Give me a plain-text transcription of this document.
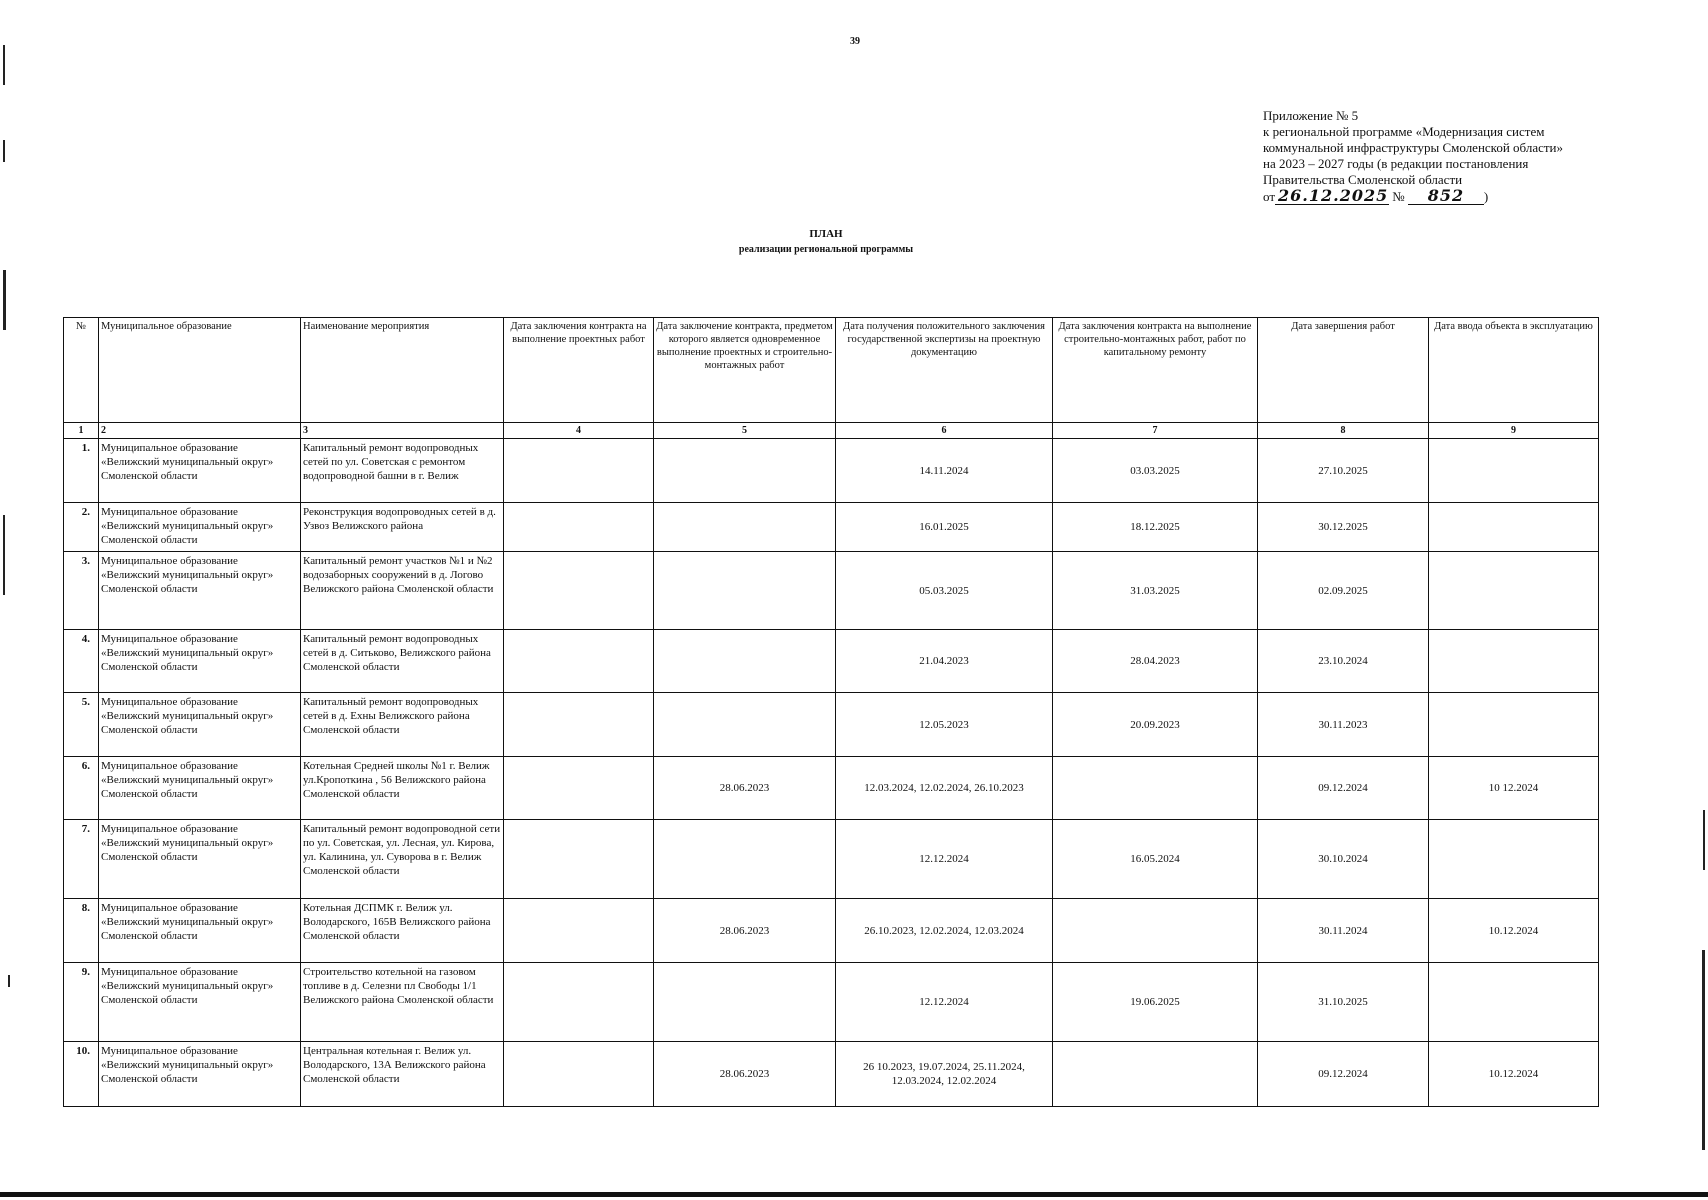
39
Приложение № 5
к региональной программе «Модернизация систем
коммунальной инфраструктуры Смоленской области»
на 2023 – 2027 годы (в редакции постановления
Правительства Смоленской области
от 26.12.2025 № 852 )
ПЛАН
реализации региональной программы
№	Муниципальное образование	Наименование мероприятия	Дата заключения контракта на выполнение проектных работ	Дата заключение контракта, предметом которого является одновременное выполнение проектных и строительно-монтажных работ	Дата получения положительного заключения государственной экспертизы на проектную документацию	Дата заключения контракта на выполнение строительно-монтажных работ, работ по капитальному ремонту	Дата завершения работ	Дата ввода объекта в эксплуатацию
1	2	3	4	5	6	7	8	9
1.	Муниципальное образование «Велижский муниципальный округ» Смоленской области	Капитальный ремонт водопроводных сетей по ул. Советская с ремонтом водопроводной башни в г. Велиж			14.11.2024	03.03.2025	27.10.2025	
2.	Муниципальное образование «Велижский муниципальный округ» Смоленской области	Реконструкция водопроводных сетей в д. Узвоз Велижского района			16.01.2025	18.12.2025	30.12.2025	
3.	Муниципальное образование «Велижский муниципальный округ» Смоленской области	Капитальный ремонт участков №1 и №2 водозаборных сооружений в д. Логово Велижского района Смоленской области			05.03.2025	31.03.2025	02.09.2025	
4.	Муниципальное образование «Велижский муниципальный округ» Смоленской области	Капитальный ремонт водопроводных сетей в д. Ситьково, Велижского района Смоленской области			21.04.2023	28.04.2023	23.10.2024	
5.	Муниципальное образование «Велижский муниципальный округ» Смоленской области	Капитальный ремонт водопроводных сетей в д. Ехны Велижского района Смоленской области			12.05.2023	20.09.2023	30.11.2023	
6.	Муниципальное образование «Велижский муниципальный округ» Смоленской области	Котельная Средней школы №1 г. Велиж ул.Кропоткина , 56 Велижского района Смоленской области		28.06.2023	12.03.2024, 12.02.2024, 26.10.2023		09.12.2024	10 12.2024
7.	Муниципальное образование «Велижский муниципальный округ» Смоленской области	Капитальный ремонт водопроводной сети по ул. Советская, ул. Лесная, ул. Кирова, ул. Калинина, ул. Суворова в г. Велиж Смоленской области			12.12.2024	16.05.2024	30.10.2024	
8.	Муниципальное образование «Велижский муниципальный округ» Смоленской области	Котельная ДСПМК г. Велиж ул. Володарского, 165В Велижского района Смоленской области		28.06.2023	26.10.2023, 12.02.2024, 12.03.2024		30.11.2024	10.12.2024
9.	Муниципальное образование «Велижский муниципальный округ» Смоленской области	Строительство котельной на газовом топливе в д. Селезни пл Свободы 1/1 Велижского района Смоленской области			12.12.2024	19.06.2025	31.10.2025	
10.	Муниципальное образование «Велижский муниципальный округ» Смоленской области	Центральная котельная г. Велиж ул. Володарского, 13А Велижского района Смоленской области		28.06.2023	26 10.2023, 19.07.2024, 25.11.2024, 12.03.2024, 12.02.2024		09.12.2024	10.12.2024
